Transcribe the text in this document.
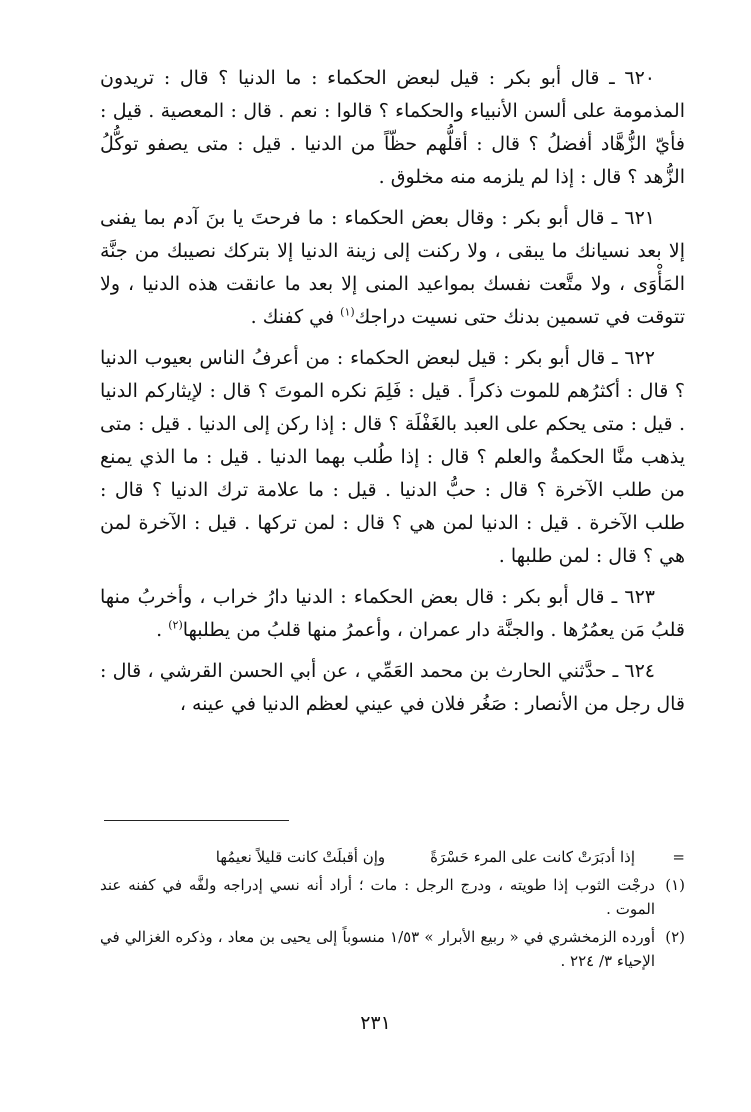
٦٢٠ ـ قال أبو بكر : قيل لبعض الحكماء : ما الدنيا ؟ قال : تريدون المذمومة على ألسن الأنبياء والحكماء ؟ قالوا : نعم . قال : المعصية . قيل : فأيّ الزُّهَّاد أفضلُ ؟ قال : أقلُّهم حظّاً من الدنيا . قيل : متى يصفو توكُّلُ الزُّهد ؟ قال : إذا لم يلزمه منه مخلوق .

٦٢١ ـ قال أبو بكر : وقال بعض الحكماء : ما فرحتَ يا بنَ آدم بما يفنى إلا بعد نسيانك ما يبقى ، ولا ركنت إلى زينة الدنيا إلا بتركك نصيبك من جنَّة المَأْوَى ، ولا متَّعت نفسك بمواعيد المنى إلا بعد ما عانقت هذه الدنيا ، ولا تتوقت في تسمين بدنك حتى نسيت دراجك$^{(١)}$ في كفنك .

٦٢٢ ـ قال أبو بكر : قيل لبعض الحكماء : من أعرفُ الناس بعيوب الدنيا ؟ قال : أكثرُهم للموت ذكراً . قيل : فَلِمَ نكره الموتَ ؟ قال : لإيثاركم الدنيا . قيل : متى يحكم على العبد بالغَفْلَة ؟ قال : إذا ركن إلى الدنيا . قيل : متى يذهب منَّا الحكمةُ والعلم ؟ قال : إذا طُلب بهما الدنيا . قيل : ما الذي يمنع من طلب الآخرة ؟ قال : حبُّ الدنيا . قيل : ما علامة ترك الدنيا ؟ قال : طلب الآخرة . قيل : الدنيا لمن هي ؟ قال : لمن تركها . قيل : الآخرة لمن هي ؟ قال : لمن طلبها .

٦٢٣ ـ قال أبو بكر : قال بعض الحكماء : الدنيا دارُ خراب ، وأخربُ منها قلبُ مَن يعمُرُها . والجنَّة دار عمران ، وأعمرُ منها قلبُ من يطلبها$^{(٢)}$ .

٦٢٤ ـ حدَّثني الحارث بن محمد العَمِّي ، عن أبي الحسن القرشي ، قال : قال رجل من الأنصار : صَغُر فلان في عيني لعظم الدنيا في عينه ،

=
إذا أدبَرَتْ كانت على المرء حَسْرَةً
وإن أقبلَتْ كانت قليلاً نعيمُها
(١)
درجْت الثوب إذا طويته ، ودرج الرجل : مات ؛ أراد أنه نسي إدراجه ولفَّه في كفنه عند الموت .
(٢)
أورده الزمخشري في « ربيع الأبرار » ١/٥٣ منسوباً إلى يحيى بن معاد ، وذكره الغزالي في الإحياء ٣/ ٢٢٤ .
٢٣١
